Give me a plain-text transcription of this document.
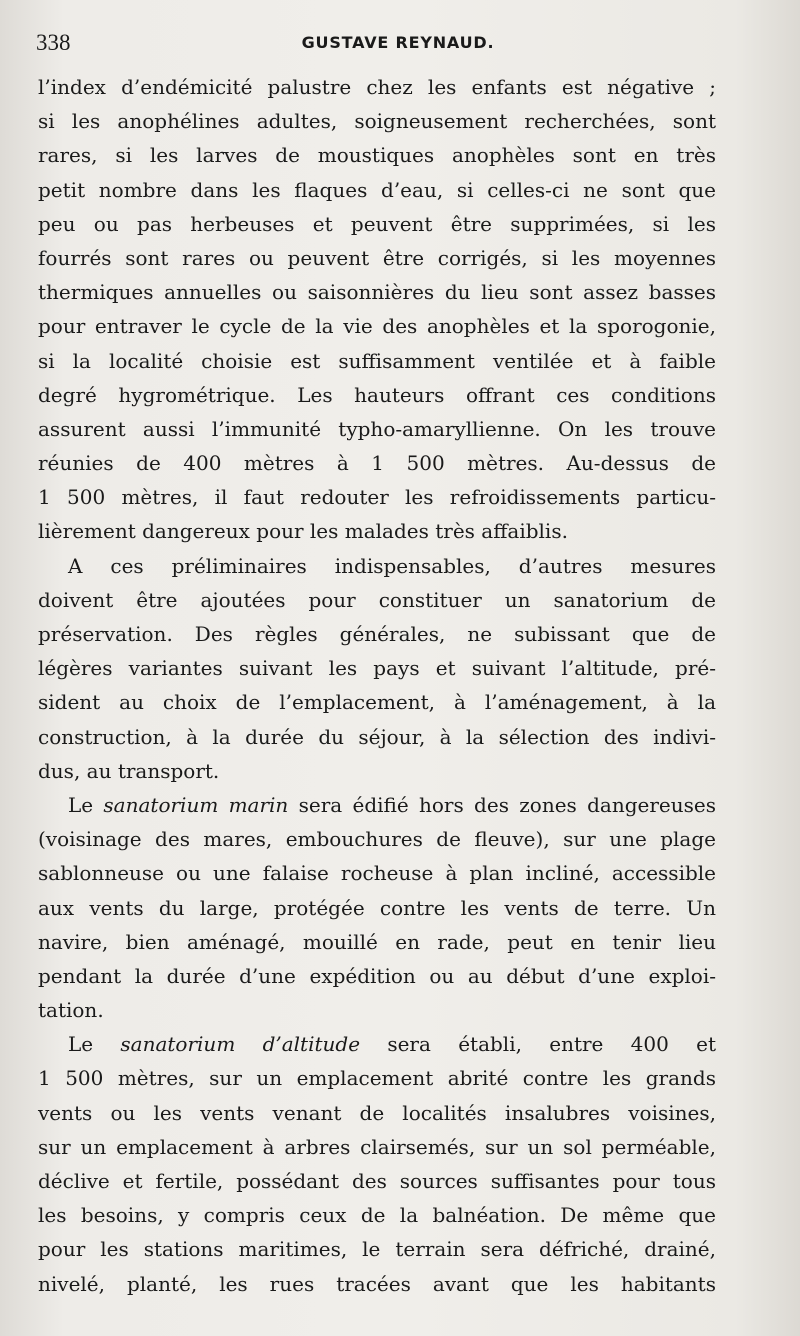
338	GUSTAVE REYNAUD.
l’index d’endémicité palustre chez les enfants est négative ;
si les anophélines adultes, soigneusement recherchées, sont
rares, si les larves de moustiques anophèles sont en très
petit nombre dans les flaques d’eau, si celles-ci ne sont que
peu ou pas herbeuses et peuvent être supprimées, si les
fourrés sont rares ou peuvent être corrigés, si les moyennes
thermiques annuelles ou saisonnières du lieu sont assez basses
pour entraver le cycle de la vie des anophèles et la sporogonie,
si la localité choisie est suffisamment ventilée et à faible
degré hygrométrique. Les hauteurs offrant ces conditions
assurent aussi l’immunité typho-amaryllienne. On les trouve
réunies de 400 mètres à 1 500 mètres. Au-dessus de
1 500 mètres, il faut redouter les refroidissements particu-
lièrement dangereux pour les malades très affaiblis.
A ces préliminaires indispensables, d’autres mesures
doivent être ajoutées pour constituer un sanatorium de
préservation. Des règles générales, ne subissant que de
légères variantes suivant les pays et suivant l’altitude, pré-
sident au choix de l’emplacement, à l’aménagement, à la
construction, à la durée du séjour, à la sélection des indivi-
dus, au transport.
Le sanatorium marin sera édifié hors des zones dangereuses
(voisinage des mares, embouchures de fleuve), sur une plage
sablonneuse ou une falaise rocheuse à plan incliné, accessible
aux vents du large, protégée contre les vents de terre. Un
navire, bien aménagé, mouillé en rade, peut en tenir lieu
pendant la durée d’une expédition ou au début d’une exploi-
tation.
Le sanatorium d’altitude sera établi, entre 400 et
1 500 mètres, sur un emplacement abrité contre les grands
vents ou les vents venant de localités insalubres voisines,
sur un emplacement à arbres clairsemés, sur un sol perméable,
déclive et fertile, possédant des sources suffisantes pour tous
les besoins, y compris ceux de la balnéation. De même que
pour les stations maritimes, le terrain sera défriché, drainé,
nivelé, planté, les rues tracées avant que les habitants
